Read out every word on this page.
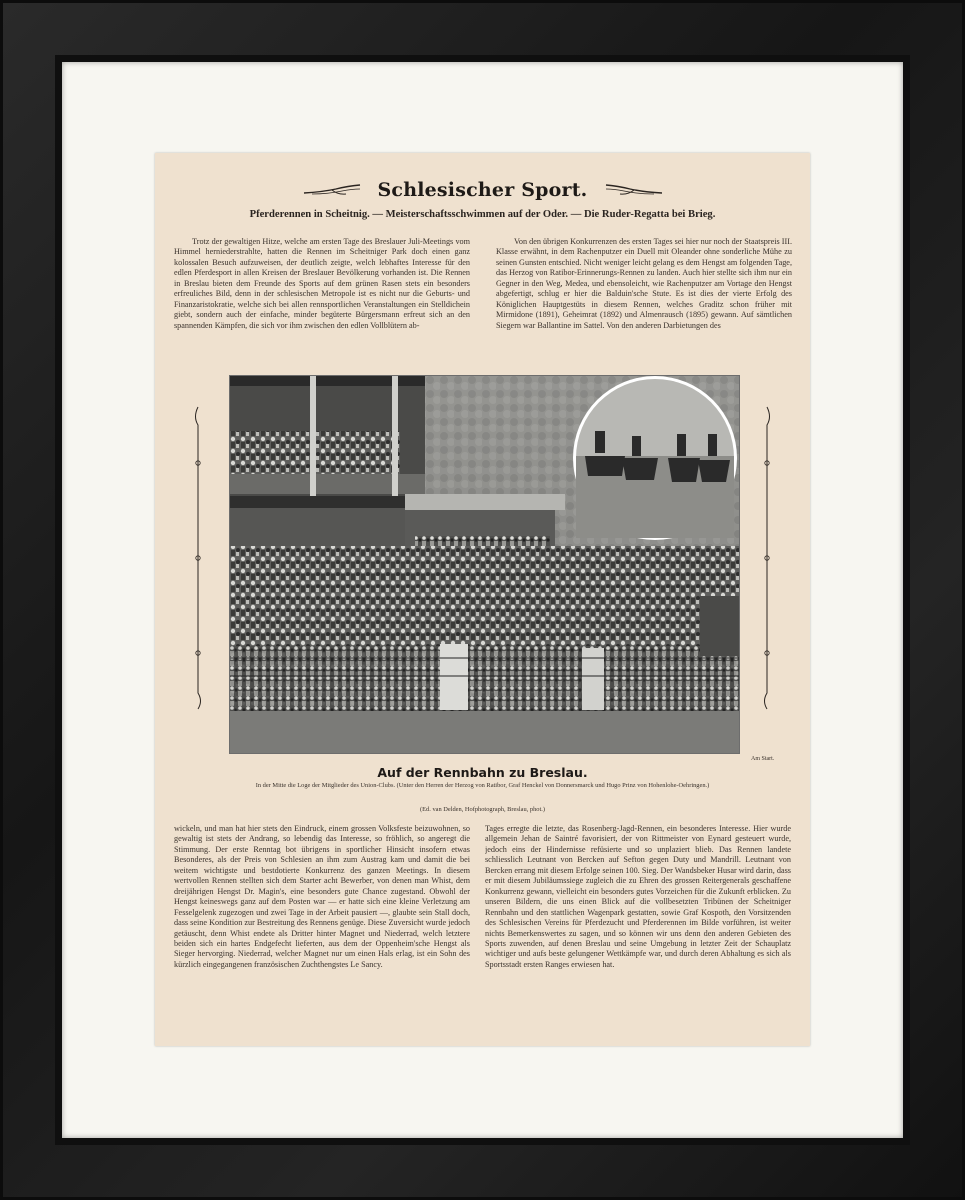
Schlesischer Sport.
Pferderennen in Scheitnig. — Meisterschaftsschwimmen auf der Oder. — Die Ruder-Regatta bei Brieg.

Trotz der gewaltigen Hitze, welche am ersten Tage des Breslauer Juli-Meetings vom Himmel herniederstrahlte, hatten die Rennen im Scheitniger Park doch einen ganz kolossalen Besuch aufzuweisen, der deutlich zeigte, welch lebhaftes Interesse für den edlen Pferdesport in allen Kreisen der Breslauer Bevölkerung vorhanden ist. Die Rennen in Breslau bieten dem Freunde des Sports auf dem grünen Rasen stets ein besonders erfreuliches Bild, denn in der schlesischen Metropole ist es nicht nur die Geburts- und Finanzaristokratie, welche sich bei allen rennsportlichen Veranstaltungen ein Stelldichein giebt, sondern auch der einfache, minder begüterte Bürgersmann erfreut sich an den spannenden Kämpfen, die sich vor ihm zwischen den edlen Vollblütern ab-

Von den übrigen Konkurrenzen des ersten Tages sei hier nur noch der Staatspreis III. Klasse erwähnt, in dem Rachenputzer ein Duell mit Oleander ohne sonderliche Mühe zu seinen Gunsten entschied. Nicht weniger leicht gelang es dem Hengst am folgenden Tage, das Herzog von Ratibor-Erinnerungs-Rennen zu landen. Auch hier stellte sich ihm nur ein Gegner in den Weg, Medea, und ebensoleicht, wie Rachenputzer am Vortage den Hengst abgefertigt, schlug er hier die Balduin'sche Stute. Es ist dies der vierte Erfolg des Königlichen Hauptgestüts in diesem Rennen, welches Graditz schon früher mit Mirmidone (1891), Geheimrat (1892) und Almenrausch (1895) gewann. Auf sämtlichen Siegern war Ballantine im Sattel. Von den anderen Darbietungen des

Am Start.
Auf der Rennbahn zu Breslau.
In der Mitte die Loge der Mitglieder des Union-Clubs. (Unter den Herren der Herzog von Ratibor, Graf Henckel von Donnersmarck und Hugo Prinz von Hohenlohe-Oehringen.)
(Ed. van Delden, Hofphotograph, Breslau, phot.)

wickeln, und man hat hier stets den Eindruck, einem grossen Volksfeste beizuwohnen, so gewaltig ist stets der Andrang, so lebendig das Interesse, so fröhlich, so angeregt die Stimmung. Der erste Renntag bot übrigens in sportlicher Hinsicht insofern etwas Besonderes, als der Preis von Schlesien an ihm zum Austrag kam und damit die bei weitem wichtigste und bestdotierte Konkurrenz des ganzen Meetings. In diesem wertvollen Rennen stellten sich dem Starter acht Bewerber, von denen man Whist, dem dreijährigen Hengst Dr. Magin's, eine besonders gute Chance zugestand. Obwohl der Hengst keineswegs ganz auf dem Posten war — er hatte sich eine kleine Verletzung am Fesselgelenk zugezogen und zwei Tage in der Arbeit pausiert —, glaubte sein Stall doch, dass seine Kondition zur Bestreitung des Rennens genüge. Diese Zuversicht wurde jedoch getäuscht, denn Whist endete als Dritter hinter Magnet und Niederrad, welch letztere beiden sich ein hartes Endgefecht lieferten, aus dem der Oppenheim'sche Hengst als Sieger hervorging. Niederrad, welcher Magnet nur um einen Hals erlag, ist ein Sohn des kürzlich eingegangenen französischen Zuchthengstes Le Sancy.

Tages erregte die letzte, das Rosenberg-Jagd-Rennen, ein besonderes Interesse. Hier wurde allgemein Jehan de Saintré favorisiert, der von Rittmeister von Eynard gesteuert wurde, jedoch eins der Hindernisse refüsierte und so unplaziert blieb. Das Rennen landete schliesslich Leutnant von Bercken auf Sefton gegen Duty und Mandrill. Leutnant von Bercken errang mit diesem Erfolge seinen 100. Sieg. Der Wandsbeker Husar wird darin, dass er mit diesem Jubiläumssiege zugleich die zu Ehren des grossen Reitergenerals geschaffene Konkurrenz gewann, vielleicht ein besonders gutes Vorzeichen für die Zukunft erblicken. Zu unseren Bildern, die uns einen Blick auf die vollbesetzten Tribünen der Scheitniger Rennbahn und den stattlichen Wagenpark gestatten, sowie Graf Kospoth, den Vorsitzenden des Schlesischen Vereins für Pferdezucht und Pferderennen im Bilde vorführen, ist weiter nichts Bemerkenswertes zu sagen, und so können wir uns denn den anderen Gebieten des Sports zuwenden, auf denen Breslau und seine Umgebung in letzter Zeit der Schauplatz wichtiger und aufs beste gelungener Wettkämpfe war, und durch deren Abhaltung es sich als Sportsstadt ersten Ranges erwiesen hat.
